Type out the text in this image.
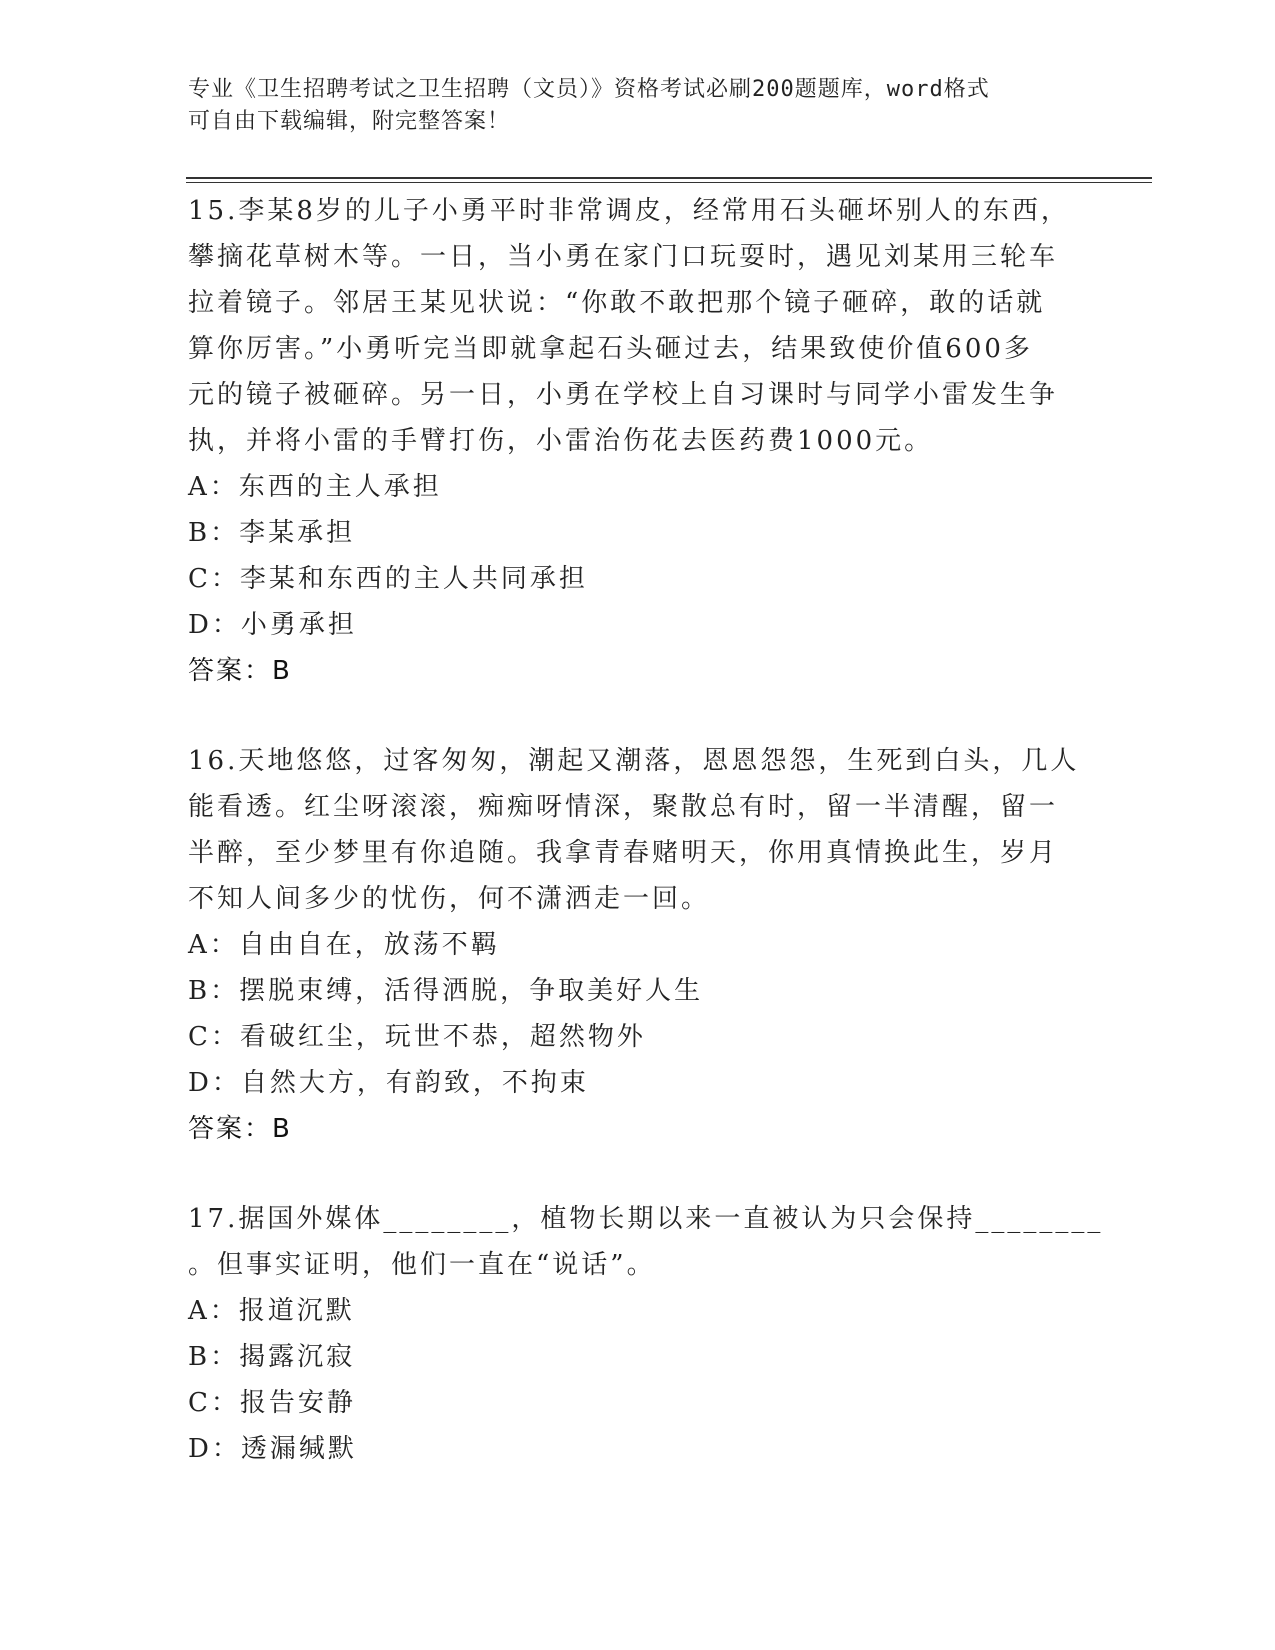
专业《卫生招聘考试之卫生招聘（文员）》资格考试必刷200题题库，word格式
可自由下载编辑，附完整答案！
15.李某8岁的儿子小勇平时非常调皮，经常用石头砸坏别人的东西，
攀摘花草树木等。一日，当小勇在家门口玩耍时，遇见刘某用三轮车
拉着镜子。邻居王某见状说：“你敢不敢把那个镜子砸碎，敢的话就
算你厉害。”小勇听完当即就拿起石头砸过去，结果致使价值600多
元的镜子被砸碎。另一日，小勇在学校上自习课时与同学小雷发生争
执，并将小雷的手臂打伤，小雷治伤花去医药费1000元。
A：东西的主人承担
B：李某承担
C：李某和东西的主人共同承担
D：小勇承担
答案：B
16.天地悠悠，过客匆匆，潮起又潮落，恩恩怨怨，生死到白头，几人
能看透。红尘呀滚滚，痴痴呀情深，聚散总有时，留一半清醒，留一
半醉，至少梦里有你追随。我拿青春赌明天，你用真情换此生，岁月
不知人间多少的忧伤，何不潇洒走一回。
A：自由自在，放荡不羁
B：摆脱束缚，活得洒脱，争取美好人生
C：看破红尘，玩世不恭，超然物外
D：自然大方，有韵致，不拘束
答案：B
17.据国外媒体________，植物长期以来一直被认为只会保持________
。但事实证明，他们一直在“说话”。
A：报道沉默
B：揭露沉寂
C：报告安静
D：透漏缄默
